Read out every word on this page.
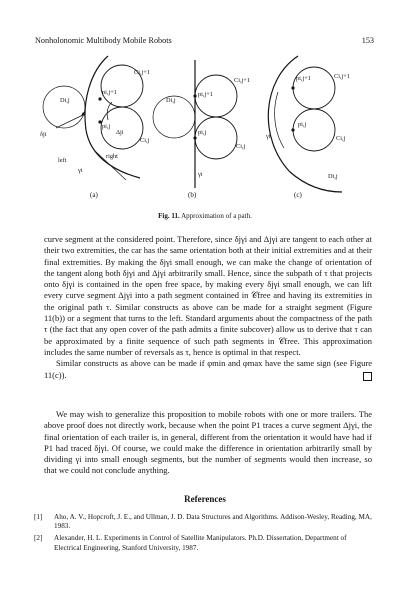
Nonholonomic Multibody Mobile Robots	153
Ci,j+1
Di,j
pi,j+1
pi,j
δji	Δji
Ci,j
left
right
γi
(a)
Ci,j+1
Di,j
pi,j+1
pi,j
Ci,j
γi
(b)
Ci,j+1
pi,j+1
pi,j
γi	Ci,j
Di,j
(c)
Fig. 11. Approximation of a path.

curve segment at the considered point. Therefore, since δjγi and Δjγi are tangent to each other at their two extremities, the car has the same orientation both at their initial extremities and at their final extremities. By making the δjγi small enough, we can make the change of orientation of the tangent along both δjγi and Δjγi arbitrarily small. Hence, since the subpath of τ that projects onto δjγi is contained in the open free space, by making every δjγi small enough, we can lift every curve segment Δjγi into a path segment contained in 𝒞free and having its extremities in the original path τ. Similar constructs as above can be made for a straight segment (Figure 11(b)) or a segment that turns to the left. Standard arguments about the compactness of the path τ (the fact that any open cover of the path admits a finite subcover) allow us to derive that τ can be approximated by a finite sequence of such path segments in 𝒞free. This approximation includes the same number of reversals as τ, hence is optimal in that respect.

Similar constructs as above can be made if φmin and φmax have the same sign (see Figure 11(c)).

We may wish to generalize this proposition to mobile robots with one or more trailers. The above proof does not directly work, because when the point P1 traces a curve segment Δjγi, the final orientation of each trailer is, in general, different from the orientation it would have had if P1 had traced δjγi. Of course, we could make the difference in orientation arbitrarily small by dividing γi into small enough segments, but the number of segments would then increase, so that we could not conclude anything.

References
[1] Aho, A. V., Hopcroft, J. E., and Ullman, J. D. Data Structures and Algorithms. Addison-Wesley, Reading, MA, 1983.
[2] Alexander, H. L. Experiments in Control of Satellite Manipulators. Ph.D. Dissertation, Department of Electrical Engineering, Stanford University, 1987.
